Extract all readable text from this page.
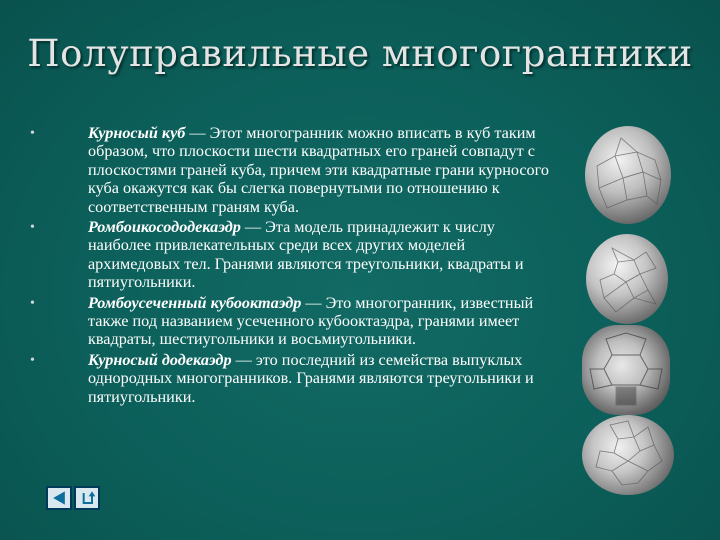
Полуправильные многогранники
•	Курносый куб — Этот многогранник можно вписать в куб таким образом, что плоскости шести квадратных его граней совпадут с плоскостями граней куба, причем эти квадратные грани курносого куба окажутся как бы слегка повернутыми по отношению к соответственным граням куба.
•	Ромбоикосододекаэдр — Эта модель принадлежит к числу наиболее привлекательных среди всех других моделей архимедовых тел. Гранями являются треугольники, квадраты и пятиугольники.
•	Ромбоусеченный кубооктаэдр — Это многогранник, известный также под названием усеченного кубооктаэдра, гранями имеет квадраты, шестиугольники и восьмиугольники.
•	Курносый додекаэдр — это последний из семейства выпуклых однородных многогранников. Гранями являются треугольники и пятиугольники.
